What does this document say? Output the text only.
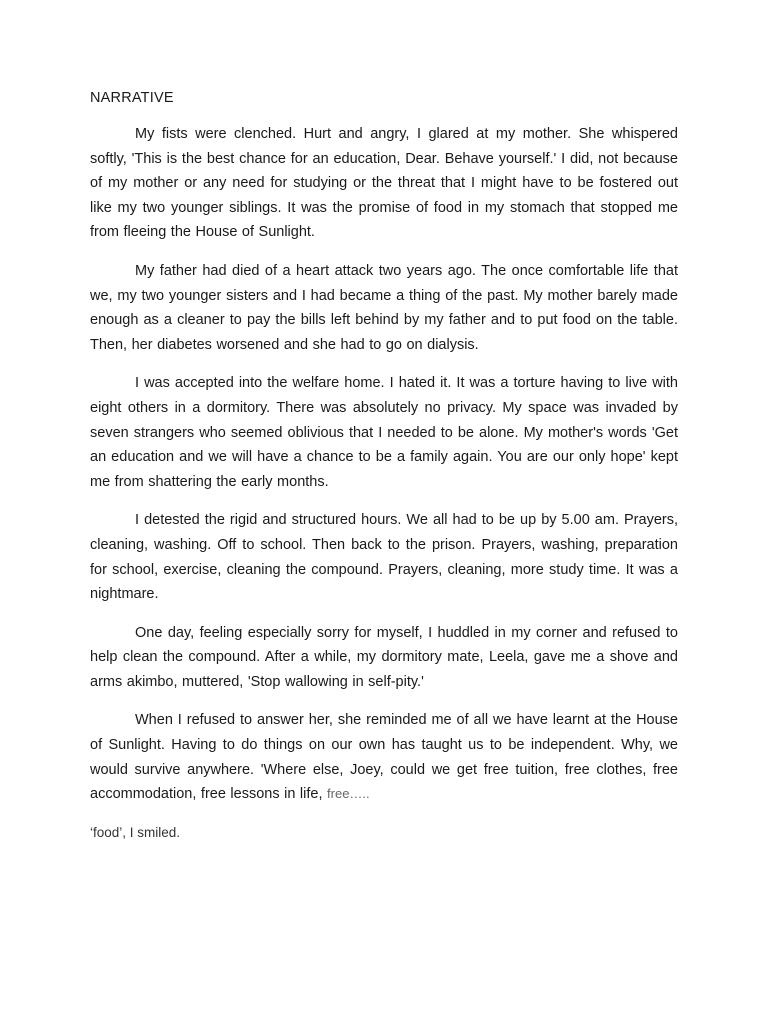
NARRATIVE

My fists were clenched. Hurt and angry, I glared at my mother. She whispered softly, 'This is the best chance for an education, Dear. Behave yourself.' I did, not because of my mother or any need for studying or the threat that I might have to be fostered out like my two younger siblings. It was the promise of food in my stomach that stopped me from fleeing the House of Sunlight.

My father had died of a heart attack two years ago. The once comfortable life that we, my two younger sisters and I had became a thing of the past. My mother barely made enough as a cleaner to pay the bills left behind by my father and to put food on the table. Then, her diabetes worsened and she had to go on dialysis.

I was accepted into the welfare home. I hated it. It was a torture having to live with eight others in a dormitory. There was absolutely no privacy. My space was invaded by seven strangers who seemed oblivious that I needed to be alone. My mother's words 'Get an education and we will have a chance to be a family again. You are our only hope' kept me from shattering the early months.

I detested the rigid and structured hours. We all had to be up by 5.00 am. Prayers, cleaning, washing. Off to school. Then back to the prison. Prayers, washing, preparation for school, exercise, cleaning the compound. Prayers, cleaning, more study time. It was a nightmare.

One day, feeling especially sorry for myself, I huddled in my corner and refused to help clean the compound. After a while, my dormitory mate, Leela, gave me a shove and arms akimbo, muttered, 'Stop wallowing in self-pity.'

When I refused to answer her, she reminded me of all we have learnt at the House of Sunlight. Having to do things on our own has taught us to be independent. Why, we would survive anywhere. 'Where else, Joey, could we get free tuition, free clothes, free accommodation, free lessons in life, free…..

‘food’, I smiled.
